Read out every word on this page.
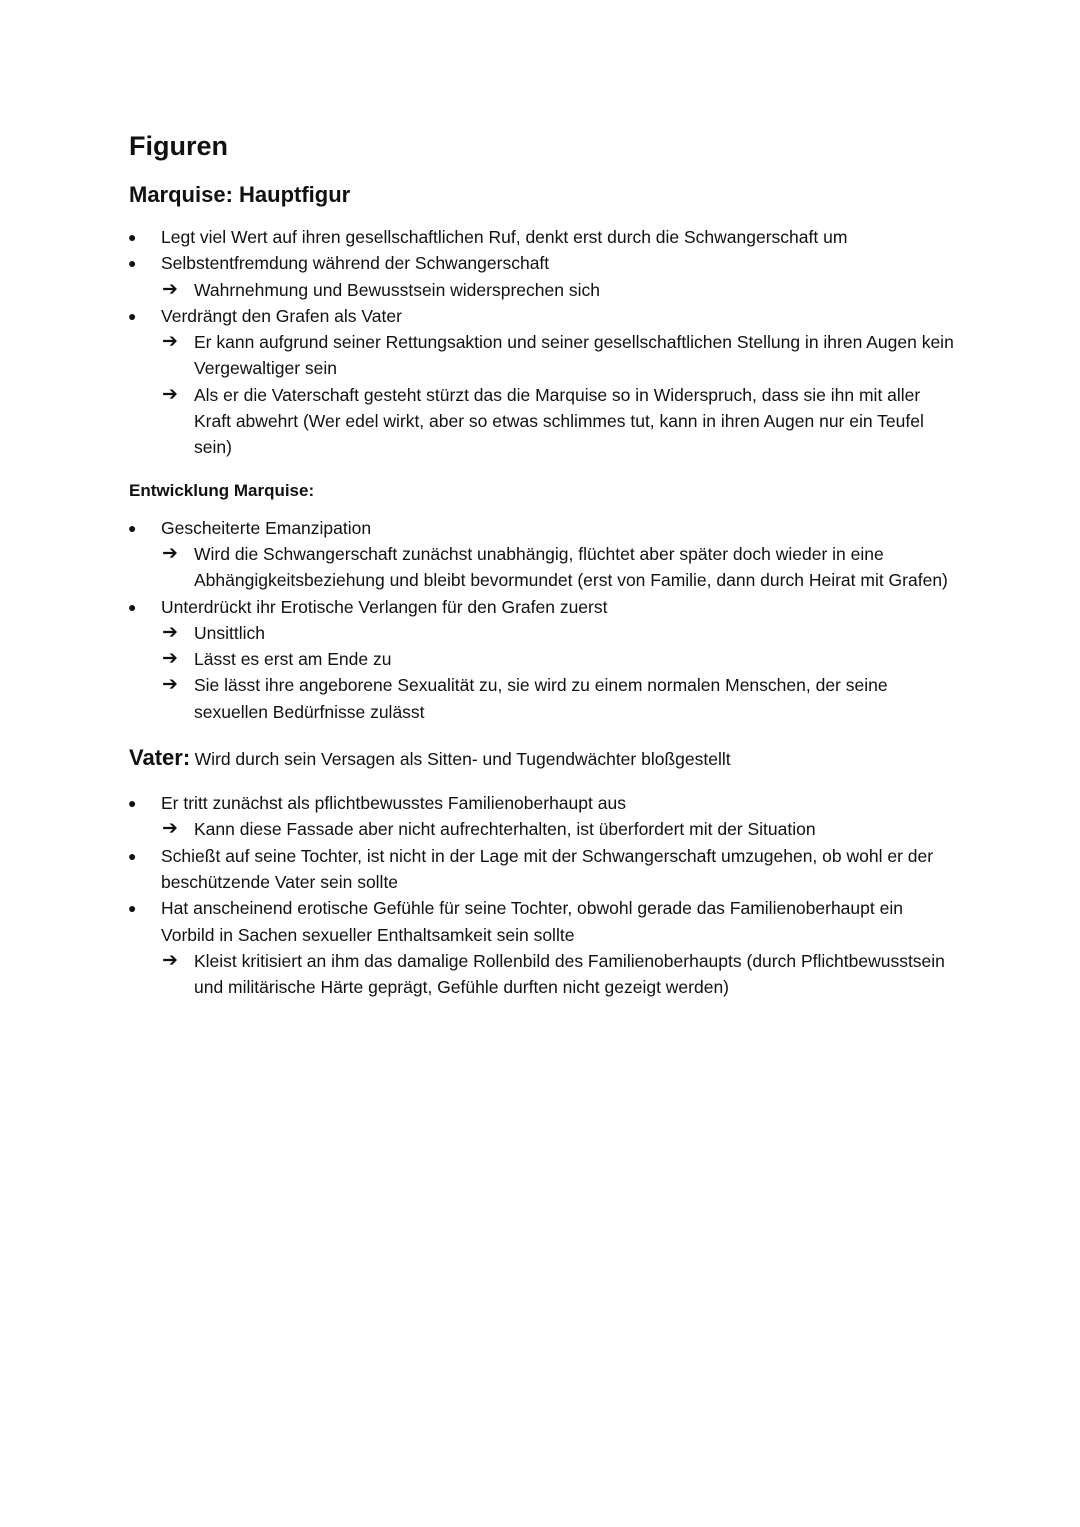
Figuren
Marquise: Hauptfigur
● Legt viel Wert auf ihren gesellschaftlichen Ruf, denkt erst durch die Schwangerschaft um
● Selbstentfremdung während der Schwangerschaft
➔ Wahrnehmung und Bewusstsein widersprechen sich
● Verdrängt den Grafen als Vater
➔ Er kann aufgrund seiner Rettungsaktion und seiner gesellschaftlichen Stellung in ihren Augen kein Vergewaltiger sein
➔ Als er die Vaterschaft gesteht stürzt das die Marquise so in Widerspruch, dass sie ihn mit aller Kraft abwehrt (Wer edel wirkt, aber so etwas schlimmes tut, kann in ihren Augen nur ein Teufel sein)
Entwicklung Marquise:
● Gescheiterte Emanzipation
➔ Wird die Schwangerschaft zunächst unabhängig, flüchtet aber später doch wieder in eine Abhängigkeitsbeziehung und bleibt bevormundet (erst von Familie, dann durch Heirat mit Grafen)
● Unterdrückt ihr Erotische Verlangen für den Grafen zuerst
➔ Unsittlich
➔ Lässt es erst am Ende zu
➔ Sie lässt ihre angeborene Sexualität zu, sie wird zu einem normalen Menschen, der seine sexuellen Bedürfnisse zulässt
Vater: Wird durch sein Versagen als Sitten- und Tugendwächter bloßgestellt
● Er tritt zunächst als pflichtbewusstes Familienoberhaupt aus
➔ Kann diese Fassade aber nicht aufrechterhalten, ist überfordert mit der Situation
● Schießt auf seine Tochter, ist nicht in der Lage mit der Schwangerschaft umzugehen, ob wohl er der beschützende Vater sein sollte
● Hat anscheinend erotische Gefühle für seine Tochter, obwohl gerade das Familienoberhaupt ein Vorbild in Sachen sexueller Enthaltsamkeit sein sollte
➔ Kleist kritisiert an ihm das damalige Rollenbild des Familienoberhaupts (durch Pflichtbewusstsein und militärische Härte geprägt, Gefühle durften nicht gezeigt werden)
